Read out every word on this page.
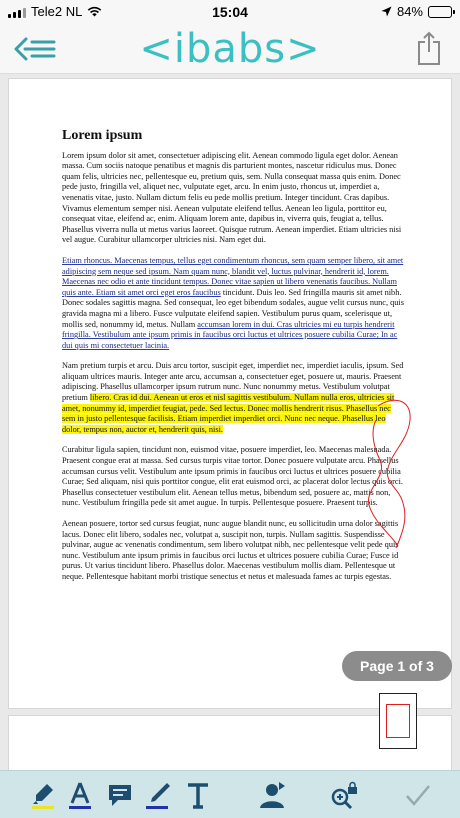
Tele2 NL	15:04	84%
<ibabs>
Lorem ipsum

Lorem ipsum dolor sit amet, consectetuer adipiscing elit. Aenean commodo ligula eget dolor. Aenean massa. Cum sociis natoque penatibus et magnis dis parturient montes, nascetur ridiculus mus. Donec quam felis, ultricies nec, pellentesque eu, pretium quis, sem. Nulla consequat massa quis enim. Donec pede justo, fringilla vel, aliquet nec, vulputate eget, arcu. In enim justo, rhoncus ut, imperdiet a, venenatis vitae, justo. Nullam dictum felis eu pede mollis pretium. Integer tincidunt. Cras dapibus. Vivamus elementum semper nisi. Aenean vulputate eleifend tellus. Aenean leo ligula, porttitor eu, consequat vitae, eleifend ac, enim. Aliquam lorem ante, dapibus in, viverra quis, feugiat a, tellus. Phasellus viverra nulla ut metus varius laoreet. Quisque rutrum. Aenean imperdiet. Etiam ultricies nisi vel augue. Curabitur ullamcorper ultricies nisi. Nam eget dui.

Etiam rhoncus. Maecenas tempus, tellus eget condimentum rhoncus, sem quam semper libero, sit amet adipiscing sem neque sed ipsum. Nam quam nunc, blandit vel, luctus pulvinar, hendrerit id, lorem. Maecenas nec odio et ante tincidunt tempus. Donec vitae sapien ut libero venenatis faucibus. Nullam quis ante. Etiam sit amet orci eget eros faucibus tincidunt. Duis leo. Sed fringilla mauris sit amet nibh. Donec sodales sagittis magna. Sed consequat, leo eget bibendum sodales, augue velit cursus nunc, quis gravida magna mi a libero. Fusce vulputate eleifend sapien. Vestibulum purus quam, scelerisque ut, mollis sed, nonummy id, metus. Nullam accumsan lorem in dui. Cras ultricies mi eu turpis hendrerit fringilla. Vestibulum ante ipsum primis in faucibus orci luctus et ultrices posuere cubilia Curae; In ac dui quis mi consectetuer lacinia.

Nam pretium turpis et arcu. Duis arcu tortor, suscipit eget, imperdiet nec, imperdiet iaculis, ipsum. Sed aliquam ultrices mauris. Integer ante arcu, accumsan a, consectetuer eget, posuere ut, mauris. Praesent adipiscing. Phasellus ullamcorper ipsum rutrum nunc. Nunc nonummy metus. Vestibulum volutpat pretium libero. Cras id dui. Aenean ut eros et nisl sagittis vestibulum. Nullam nulla eros, ultricies sit amet, nonummy id, imperdiet feugiat, pede. Sed lectus. Donec mollis hendrerit risus. Phasellus nec sem in justo pellentesque facilisis. Etiam imperdiet imperdiet orci. Nunc nec neque. Phasellus leo dolor, tempus non, auctor et, hendrerit quis, nisi.

Curabitur ligula sapien, tincidunt non, euismod vitae, posuere imperdiet, leo. Maecenas malesuada. Praesent congue erat at massa. Sed cursus turpis vitae tortor. Donec posuere vulputate arcu. Phasellus accumsan cursus velit. Vestibulum ante ipsum primis in faucibus orci luctus et ultrices posuere cubilia Curae; Sed aliquam, nisi quis porttitor congue, elit erat euismod orci, ac placerat dolor lectus quis orci. Phasellus consectetuer vestibulum elit. Aenean tellus metus, bibendum sed, posuere ac, mattis non, nunc. Vestibulum fringilla pede sit amet augue. In turpis. Pellentesque posuere. Praesent turpis.

Aenean posuere, tortor sed cursus feugiat, nunc augue blandit nunc, eu sollicitudin urna dolor sagittis lacus. Donec elit libero, sodales nec, volutpat a, suscipit non, turpis. Nullam sagittis. Suspendisse pulvinar, augue ac venenatis condimentum, sem libero volutpat nibh, nec pellentesque velit pede quis nunc. Vestibulum ante ipsum primis in faucibus orci luctus et ultrices posuere cubilia Curae; Fusce id purus. Ut varius tincidunt libero. Phasellus dolor. Maecenas vestibulum mollis diam. Pellentesque ut neque. Pellentesque habitant morbi tristique senectus et netus et malesuada fames ac turpis egestas.

Page 1 of 3
